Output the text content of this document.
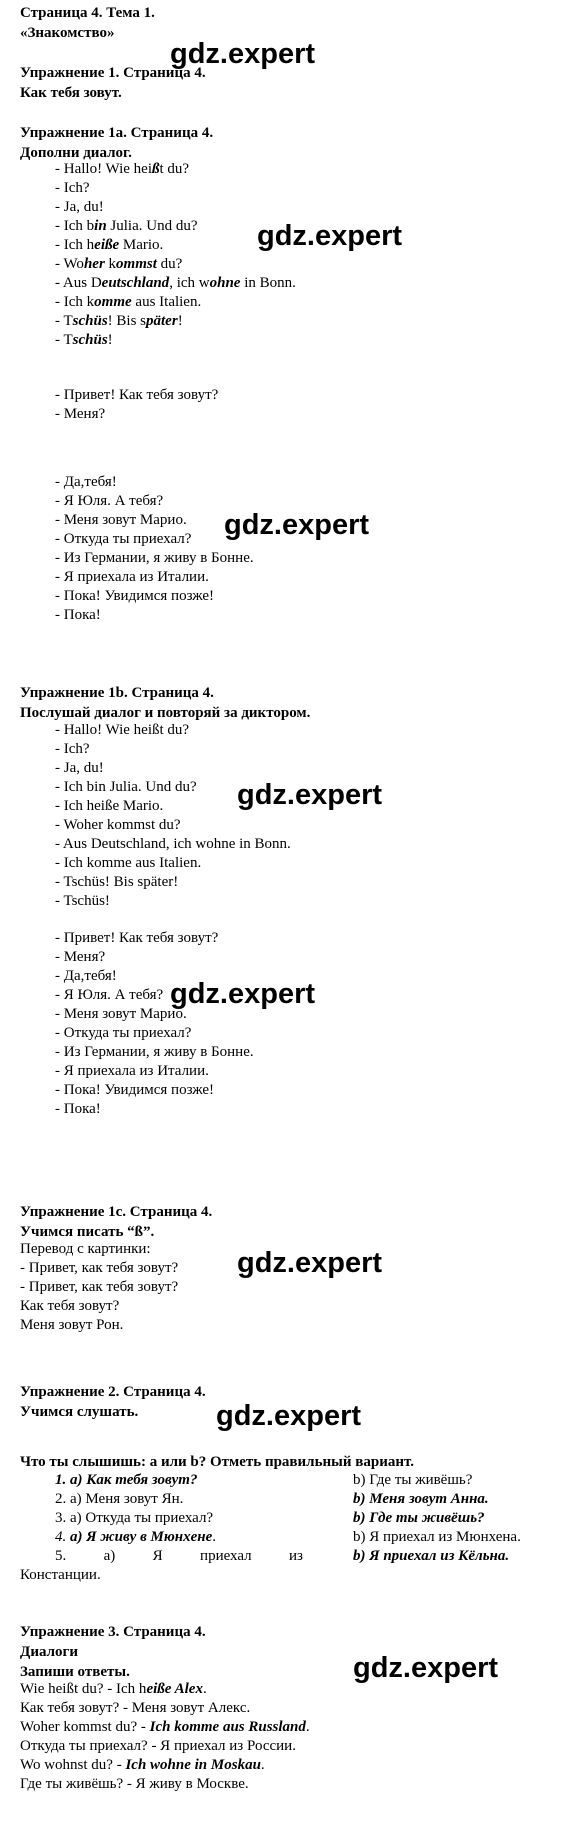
Страница 4. Тема 1.
«Знакомство»
gdz.expert
Упражнение 1. Страница 4.
Как тебя зовут.
Упражнение 1a. Страница 4.
Дополни диалог.
- Hallo! Wie heißt du?
- Ich?
- Ja, du!
- Ich bin Julia. Und du?
- Ich heiße Mario.
- Woher kommst du?
- Aus Deutschland, ich wohne in Bonn.
- Ich komme aus Italien.
- Tschüs! Bis später!
- Tschüs!
gdz.expert
- Привет! Как тебя зовут?
- Меня?
- Да,тебя!
- Я Юля. А тебя?
- Меня зовут Марио.
- Откуда ты приехал?
- Из Германии, я живу в Бонне.
- Я приехала из Италии.
- Пока! Увидимся позже!
- Пока!
gdz.expert
Упражнение 1b. Страница 4.
Послушай диалог и повторяй за диктором.
- Hallo! Wie heißt du?
- Ich?
- Ja, du!
- Ich bin Julia. Und du?
- Ich heiße Mario.
- Woher kommst du?
- Aus Deutschland, ich wohne in Bonn.
- Ich komme aus Italien.
- Tschüs! Bis später!
- Tschüs!
gdz.expert
- Привет! Как тебя зовут?
- Меня?
- Да,тебя!
- Я Юля. А тебя?
- Меня зовут Марио.
- Откуда ты приехал?
- Из Германии, я живу в Бонне.
- Я приехала из Италии.
- Пока! Увидимся позже!
- Пока!
gdz.expert
Упражнение 1c. Страница 4.
Учимся писать “ß”.
Перевод с картинки:
- Привет, как тебя зовут?
- Привет, как тебя зовут?
Как тебя зовут?
Меня зовут Рон.
gdz.expert
Упражнение 2. Страница 4.
Учимся слушать.	gdz.expert
Что ты слышишь: a или b? Отметь правильный вариант.
1. a) Как тебя зовут?	b) Где ты живёшь?
2. a) Меня зовут Ян.	b) Меня зовут Анна.
3. a) Откуда ты приехал?	b) Где ты живёшь?
4. a) Я живу в Мюнхене.	b) Я приехал из Мюнхена.
5. a) Я приехал из	b) Я приехал из Кёльна.
Констанции.
Упражнение 3. Страница 4.
Диалоги
Запиши ответы.
Wie heißt du? - Ich heiße Alex.
Как тебя зовут? - Меня зовут Алекс.
Woher kommst du? - Ich komme aus Russland.
Откуда ты приехал? - Я приехал из России.
Wo wohnst du? - Ich wohne in Moskau.
Где ты живёшь? - Я живу в Москве.
gdz.expert
